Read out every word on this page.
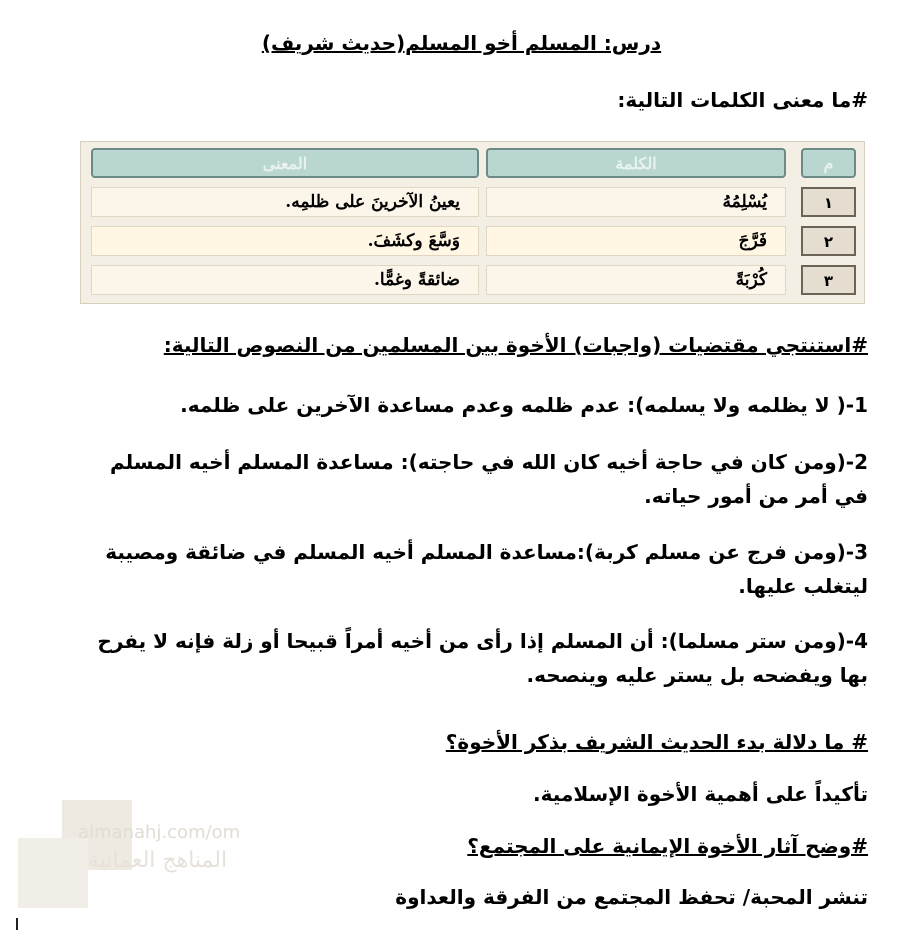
درس: المسلم أخو المسلم(حديث شريف)
#ما معنى الكلمات التالية:
المعنى	الكلمة	م
يعينُ الآخرينَ على ظلمِه.	يُسْلِمُهُ	١
وَسَّعَ وكشَفَ.	فَرَّجَ	٢
ضائقةً وغمًّا.	كُرْبَةً	٣
#استنتجي مقتضيات (واجبات) الأخوة بين المسلمين من النصوص التالية:
1-( لا يظلمه ولا يسلمه): عدم ظلمه وعدم مساعدة الآخرين على ظلمه.
2-(ومن كان في حاجة أخيه كان الله في حاجته): مساعدة المسلم أخيه المسلم في أمر من أمور حياته.
3-(ومن فرج عن مسلم كربة):مساعدة المسلم أخيه المسلم في ضائقة ومصيبة ليتغلب عليها.
4-(ومن ستر مسلما): أن المسلم إذا رأى من أخيه أمراً قبيحا أو زلة فإنه لا يفرح بها ويفضحه بل يستر عليه وينصحه.
# ما دلالة بدء الحديث الشريف بذكر الأخوة؟
تأكيداً على أهمية الأخوة الإسلامية.
almanahj.com/om
المناهج العمانية
#وضح آثار الأخوة الإيمانية على المجتمع؟
تنشر المحبة/ تحفظ المجتمع من الفرقة والعداوة
